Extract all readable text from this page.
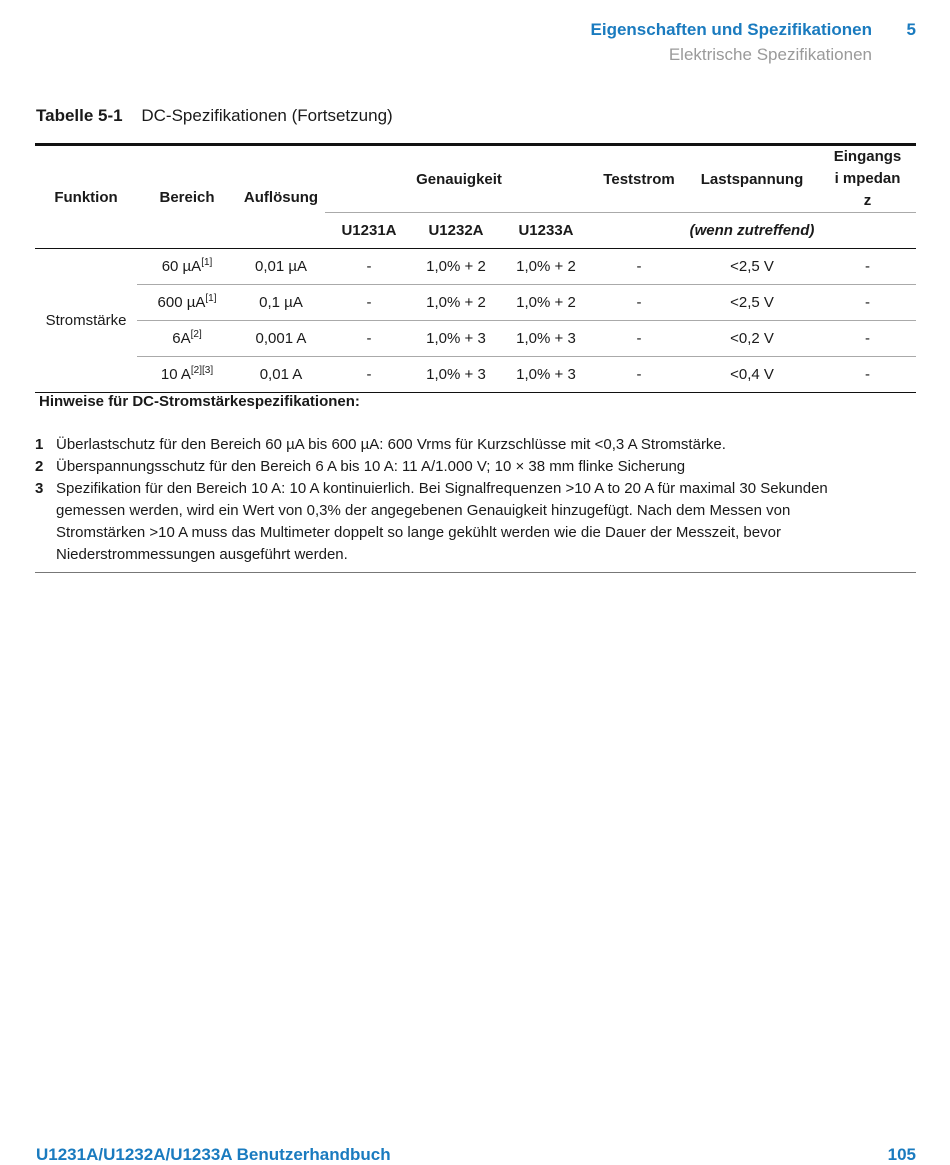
Eigenschaften und Spezifikationen 5
Elektrische Spezifikationen
Tabelle 5-1 DC-Spezifikationen (Fortsetzung)
Funktion	Bereich	Auflösung	Genauigkeit			Teststrom	Lastspannung	Eingangsi mpedanz
			U1231A	U1232A	U1233A		(wenn zutreffend)	
Stromstärke	60 µA[1]	0,01 µA	-	1,0% + 2	1,0% + 2	-	<2,5 V	-
	600 µA[1]	0,1 µA	-	1,0% + 2	1,0% + 2	-	<2,5 V	-
	6A[2]	0,001 A	-	1,0% + 3	1,0% + 3	-	<0,2 V	-
	10 A[2][3]	0,01 A	-	1,0% + 3	1,0% + 3	-	<0,4 V	-
Hinweise für DC-Stromstärkespezifikationen:
1 Überlastschutz für den Bereich 60 µA bis 600 µA: 600 Vrms für Kurzschlüsse mit <0,3 A Stromstärke.
2 Überspannungsschutz für den Bereich 6 A bis 10 A: 11 A/1.000 V; 10 × 38 mm flinke Sicherung
3 Spezifikation für den Bereich 10 A: 10 A kontinuierlich. Bei Signalfrequenzen >10 A to 20 A für maximal 30 Sekunden gemessen werden, wird ein Wert von 0,3% der angegebenen Genauigkeit hinzugefügt. Nach dem Messen von Stromstärken >10 A muss das Multimeter doppelt so lange gekühlt werden wie die Dauer der Messzeit, bevor Niederstrommessungen ausgeführt werden.
U1231A/U1232A/U1233A Benutzerhandbuch	105
